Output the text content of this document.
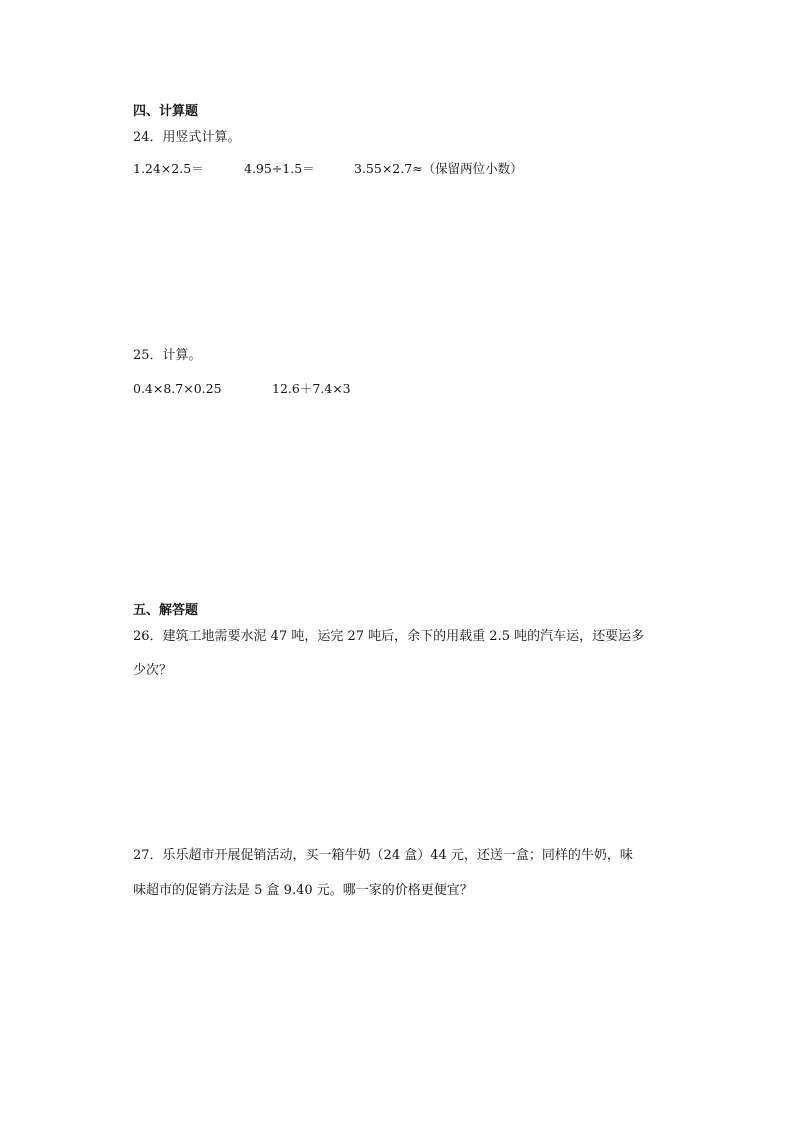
四、计算题
24．用竖式计算。
1.24×2.5＝	4.95÷1.5＝	3.55×2.7≈（保留两位小数）
25．计算。
0.4×8.7×0.25	12.6＋7.4×3
五、解答题
26．建筑工地需要水泥 47 吨，运完 27 吨后，余下的用载重 2.5 吨的汽车运，还要运多
少次？
27．乐乐超市开展促销活动，买一箱牛奶（24 盒）44 元，还送一盒；同样的牛奶，味
味超市的促销方法是 5 盒 9.40 元。哪一家的价格更便宜？
